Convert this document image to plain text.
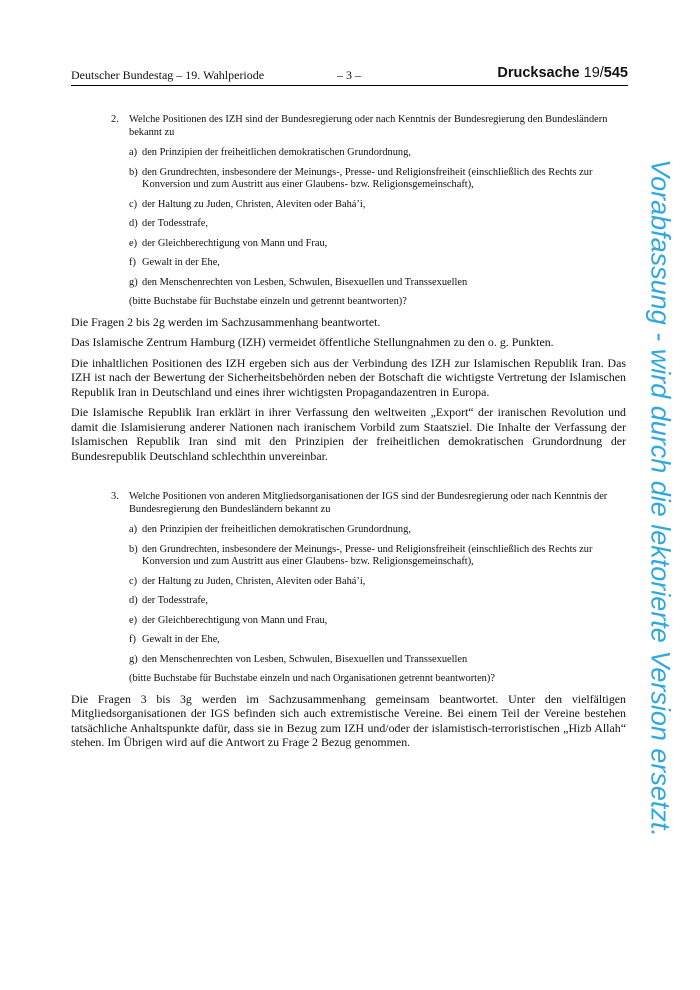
Deutscher Bundestag – 19. Wahlperiode	– 3 –	Drucksache 19/545
2. Welche Positionen des IZH sind der Bundesregierung oder nach Kenntnis der Bundesregierung den Bundesländern bekannt zu
a) den Prinzipien der freiheitlichen demokratischen Grundordnung,
b) den Grundrechten, insbesondere der Meinungs-, Presse- und Religionsfreiheit (einschließlich des Rechts zur Konversion und zum Austritt aus einer Glaubens- bzw. Religionsgemeinschaft),
c) der Haltung zu Juden, Christen, Aleviten oder Bahá’i,
d) der Todesstrafe,
e) der Gleichberechtigung von Mann und Frau,
f) Gewalt in der Ehe,
g) den Menschenrechten von Lesben, Schwulen, Bisexuellen und Transsexuellen
(bitte Buchstabe für Buchstabe einzeln und getrennt beantworten)?

Die Fragen 2 bis 2g werden im Sachzusammenhang beantwortet.

Das Islamische Zentrum Hamburg (IZH) vermeidet öffentliche Stellungnahmen zu den o. g. Punkten.

Die inhaltlichen Positionen des IZH ergeben sich aus der Verbindung des IZH zur Islamischen Republik Iran. Das IZH ist nach der Bewertung der Sicherheitsbehörden neben der Botschaft die wichtigste Vertretung der Islamischen Republik Iran in Deutschland und eines ihrer wichtigsten Propagandazentren in Europa.

Die Islamische Republik Iran erklärt in ihrer Verfassung den weltweiten „Export“ der iranischen Revolution und damit die Islamisierung anderer Nationen nach iranischem Vorbild zum Staatsziel. Die Inhalte der Verfassung der Islamischen Republik Iran sind mit den Prinzipien der freiheitlichen demokratischen Grundordnung der Bundesrepublik Deutschland schlechthin unvereinbar.

3. Welche Positionen von anderen Mitgliedsorganisationen der IGS sind der Bundesregierung oder nach Kenntnis der Bundesregierung den Bundesländern bekannt zu
a) den Prinzipien der freiheitlichen demokratischen Grundordnung,
b) den Grundrechten, insbesondere der Meinungs-, Presse- und Religionsfreiheit (einschließlich des Rechts zur Konversion und zum Austritt aus einer Glaubens- bzw. Religionsgemeinschaft),
c) der Haltung zu Juden, Christen, Aleviten oder Bahá’i,
d) der Todesstrafe,
e) der Gleichberechtigung von Mann und Frau,
f) Gewalt in der Ehe,
g) den Menschenrechten von Lesben, Schwulen, Bisexuellen und Transsexuellen
(bitte Buchstabe für Buchstabe einzeln und nach Organisationen getrennt beantworten)?

Die Fragen 3 bis 3g werden im Sachzusammenhang gemeinsam beantwortet. Unter den vielfältigen Mitgliedsorganisationen der IGS befinden sich auch extremistische Vereine. Bei einem Teil der Vereine bestehen tatsächliche Anhaltspunkte dafür, dass sie in Bezug zum IZH und/oder der islamistisch-terroristischen „Hizb Allah“ stehen. Im Übrigen wird auf die Antwort zu Frage 2 Bezug genommen.	Vorabfassung - wird durch die lektorierte Version ersetzt.
